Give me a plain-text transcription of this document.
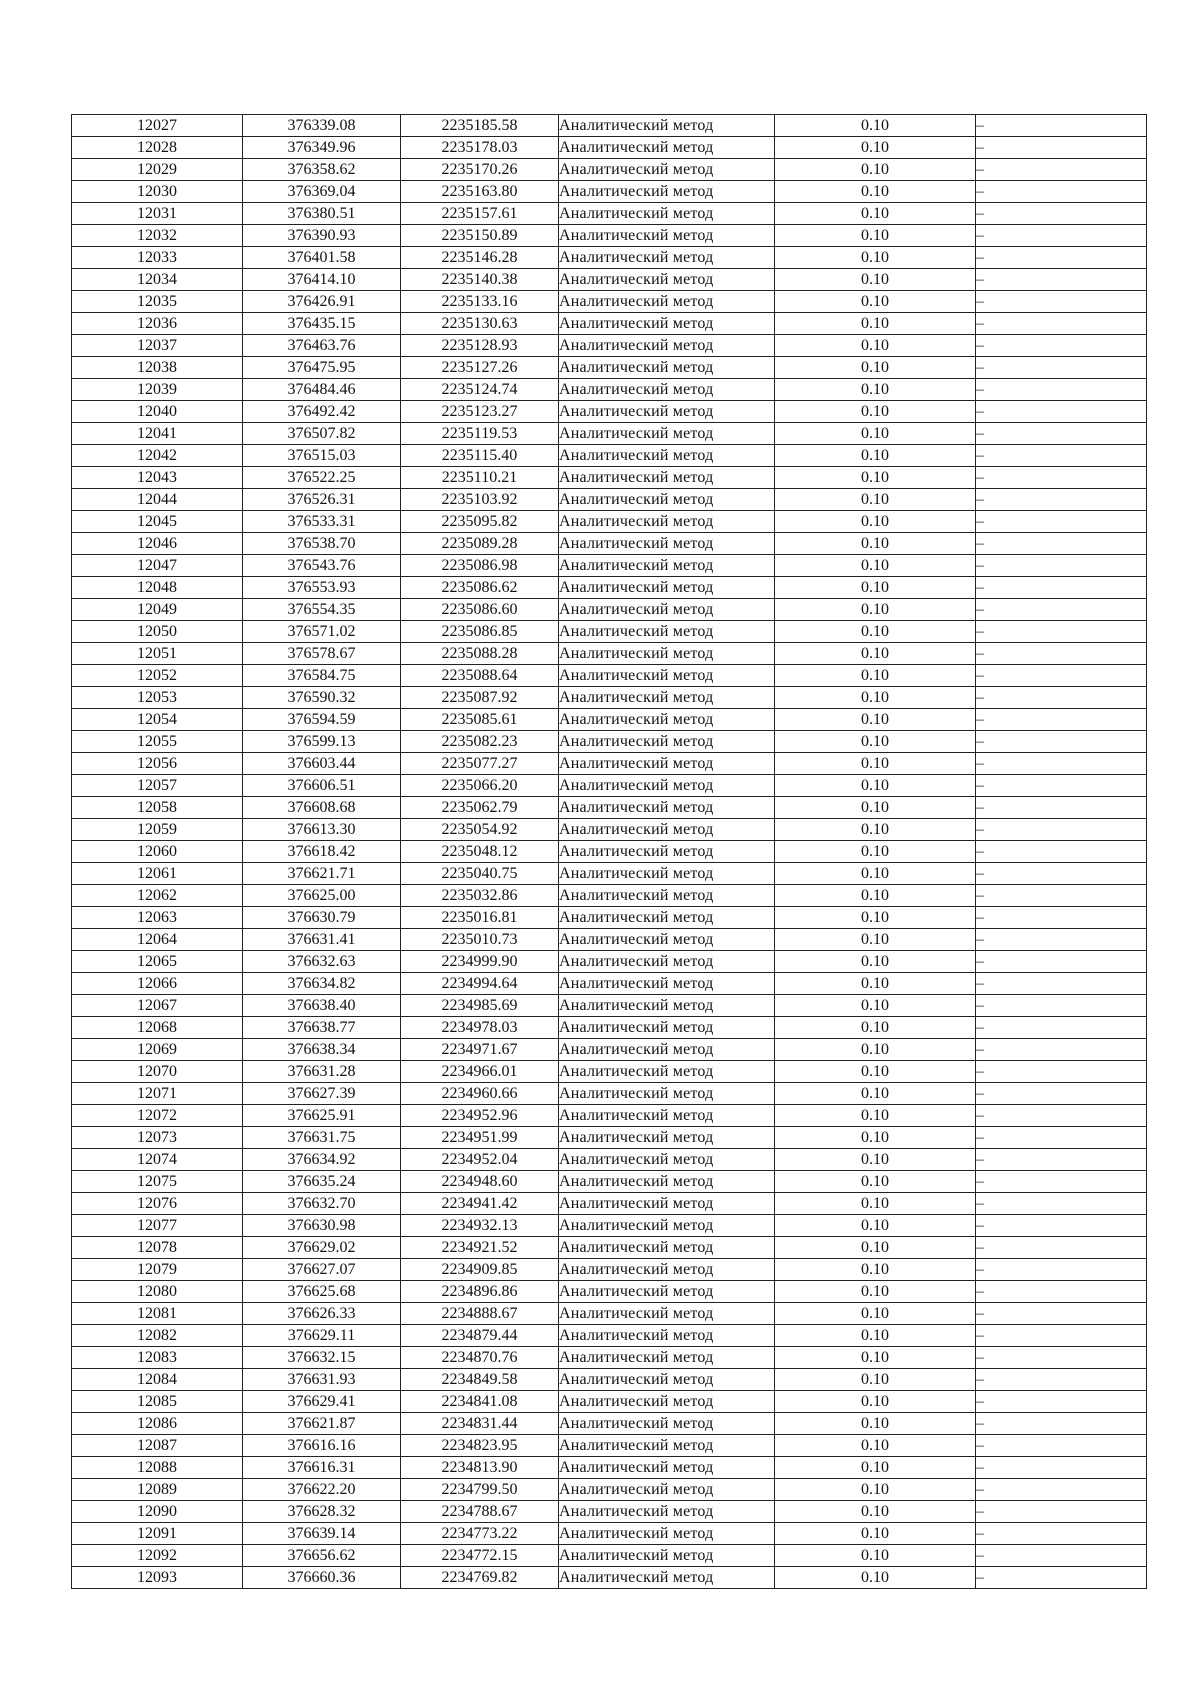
12027	376339.08	2235185.58	Аналитический метод	0.10	–
12028	376349.96	2235178.03	Аналитический метод	0.10	–
12029	376358.62	2235170.26	Аналитический метод	0.10	–
12030	376369.04	2235163.80	Аналитический метод	0.10	–
12031	376380.51	2235157.61	Аналитический метод	0.10	–
12032	376390.93	2235150.89	Аналитический метод	0.10	–
12033	376401.58	2235146.28	Аналитический метод	0.10	–
12034	376414.10	2235140.38	Аналитический метод	0.10	–
12035	376426.91	2235133.16	Аналитический метод	0.10	–
12036	376435.15	2235130.63	Аналитический метод	0.10	–
12037	376463.76	2235128.93	Аналитический метод	0.10	–
12038	376475.95	2235127.26	Аналитический метод	0.10	–
12039	376484.46	2235124.74	Аналитический метод	0.10	–
12040	376492.42	2235123.27	Аналитический метод	0.10	–
12041	376507.82	2235119.53	Аналитический метод	0.10	–
12042	376515.03	2235115.40	Аналитический метод	0.10	–
12043	376522.25	2235110.21	Аналитический метод	0.10	–
12044	376526.31	2235103.92	Аналитический метод	0.10	–
12045	376533.31	2235095.82	Аналитический метод	0.10	–
12046	376538.70	2235089.28	Аналитический метод	0.10	–
12047	376543.76	2235086.98	Аналитический метод	0.10	–
12048	376553.93	2235086.62	Аналитический метод	0.10	–
12049	376554.35	2235086.60	Аналитический метод	0.10	–
12050	376571.02	2235086.85	Аналитический метод	0.10	–
12051	376578.67	2235088.28	Аналитический метод	0.10	–
12052	376584.75	2235088.64	Аналитический метод	0.10	–
12053	376590.32	2235087.92	Аналитический метод	0.10	–
12054	376594.59	2235085.61	Аналитический метод	0.10	–
12055	376599.13	2235082.23	Аналитический метод	0.10	–
12056	376603.44	2235077.27	Аналитический метод	0.10	–
12057	376606.51	2235066.20	Аналитический метод	0.10	–
12058	376608.68	2235062.79	Аналитический метод	0.10	–
12059	376613.30	2235054.92	Аналитический метод	0.10	–
12060	376618.42	2235048.12	Аналитический метод	0.10	–
12061	376621.71	2235040.75	Аналитический метод	0.10	–
12062	376625.00	2235032.86	Аналитический метод	0.10	–
12063	376630.79	2235016.81	Аналитический метод	0.10	–
12064	376631.41	2235010.73	Аналитический метод	0.10	–
12065	376632.63	2234999.90	Аналитический метод	0.10	–
12066	376634.82	2234994.64	Аналитический метод	0.10	–
12067	376638.40	2234985.69	Аналитический метод	0.10	–
12068	376638.77	2234978.03	Аналитический метод	0.10	–
12069	376638.34	2234971.67	Аналитический метод	0.10	–
12070	376631.28	2234966.01	Аналитический метод	0.10	–
12071	376627.39	2234960.66	Аналитический метод	0.10	–
12072	376625.91	2234952.96	Аналитический метод	0.10	–
12073	376631.75	2234951.99	Аналитический метод	0.10	–
12074	376634.92	2234952.04	Аналитический метод	0.10	–
12075	376635.24	2234948.60	Аналитический метод	0.10	–
12076	376632.70	2234941.42	Аналитический метод	0.10	–
12077	376630.98	2234932.13	Аналитический метод	0.10	–
12078	376629.02	2234921.52	Аналитический метод	0.10	–
12079	376627.07	2234909.85	Аналитический метод	0.10	–
12080	376625.68	2234896.86	Аналитический метод	0.10	–
12081	376626.33	2234888.67	Аналитический метод	0.10	–
12082	376629.11	2234879.44	Аналитический метод	0.10	–
12083	376632.15	2234870.76	Аналитический метод	0.10	–
12084	376631.93	2234849.58	Аналитический метод	0.10	–
12085	376629.41	2234841.08	Аналитический метод	0.10	–
12086	376621.87	2234831.44	Аналитический метод	0.10	–
12087	376616.16	2234823.95	Аналитический метод	0.10	–
12088	376616.31	2234813.90	Аналитический метод	0.10	–
12089	376622.20	2234799.50	Аналитический метод	0.10	–
12090	376628.32	2234788.67	Аналитический метод	0.10	–
12091	376639.14	2234773.22	Аналитический метод	0.10	–
12092	376656.62	2234772.15	Аналитический метод	0.10	–
12093	376660.36	2234769.82	Аналитический метод	0.10	–
